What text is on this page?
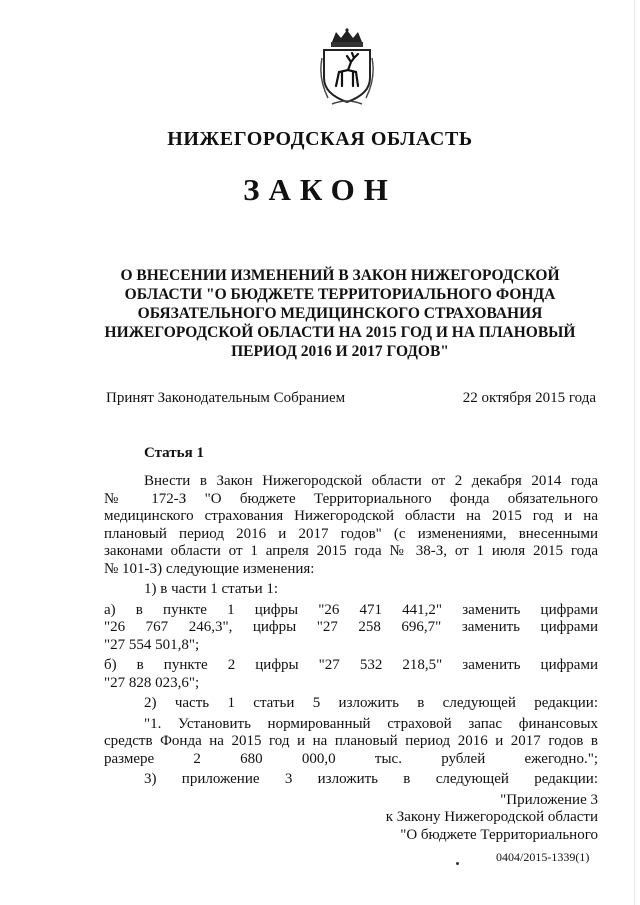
НИЖЕГОРОДСКАЯ ОБЛАСТЬ
ЗАКОН
О ВНЕСЕНИИ ИЗМЕНЕНИЙ В ЗАКОН НИЖЕГОРОДСКОЙ
ОБЛАСТИ "О БЮДЖЕТЕ ТЕРРИТОРИАЛЬНОГО ФОНДА
ОБЯЗАТЕЛЬНОГО МЕДИЦИНСКОГО СТРАХОВАНИЯ
НИЖЕГОРОДСКОЙ ОБЛАСТИ НА 2015 ГОД И НА ПЛАНОВЫЙ
ПЕРИОД 2016 И 2017 ГОДОВ"
Принят Законодательным Собранием	22 октября 2015 года
Статья 1
Внести в Закон Нижегородской области от 2 декабря 2014 года
№ 172-З "О бюджете Территориального фонда обязательного
медицинского страхования Нижегородской области на 2015 год и на
плановый период 2016 и 2017 годов" (с изменениями, внесенными
законами области от 1 апреля 2015 года № 38-З, от 1 июля 2015 года
№ 101-З) следующие изменения:
1) в части 1 статьи 1:
а) в пункте 1 цифры "26 471 441,2" заменить цифрами
"26 767 246,3", цифры "27 258 696,7" заменить цифрами
"27 554 501,8";
б) в пункте 2 цифры "27 532 218,5" заменить цифрами
"27 828 023,6";
2) часть 1 статьи 5 изложить в следующей редакции:
"1. Установить нормированный страховой запас финансовых
средств Фонда на 2015 год и на плановый период 2016 и 2017 годов в
размере 2 680 000,0 тыс. рублей ежегодно.";
3) приложение 3 изложить в следующей редакции:
"Приложение 3
к Закону Нижегородской области
"О бюджете Территориального
0404/2015-1339(1)
